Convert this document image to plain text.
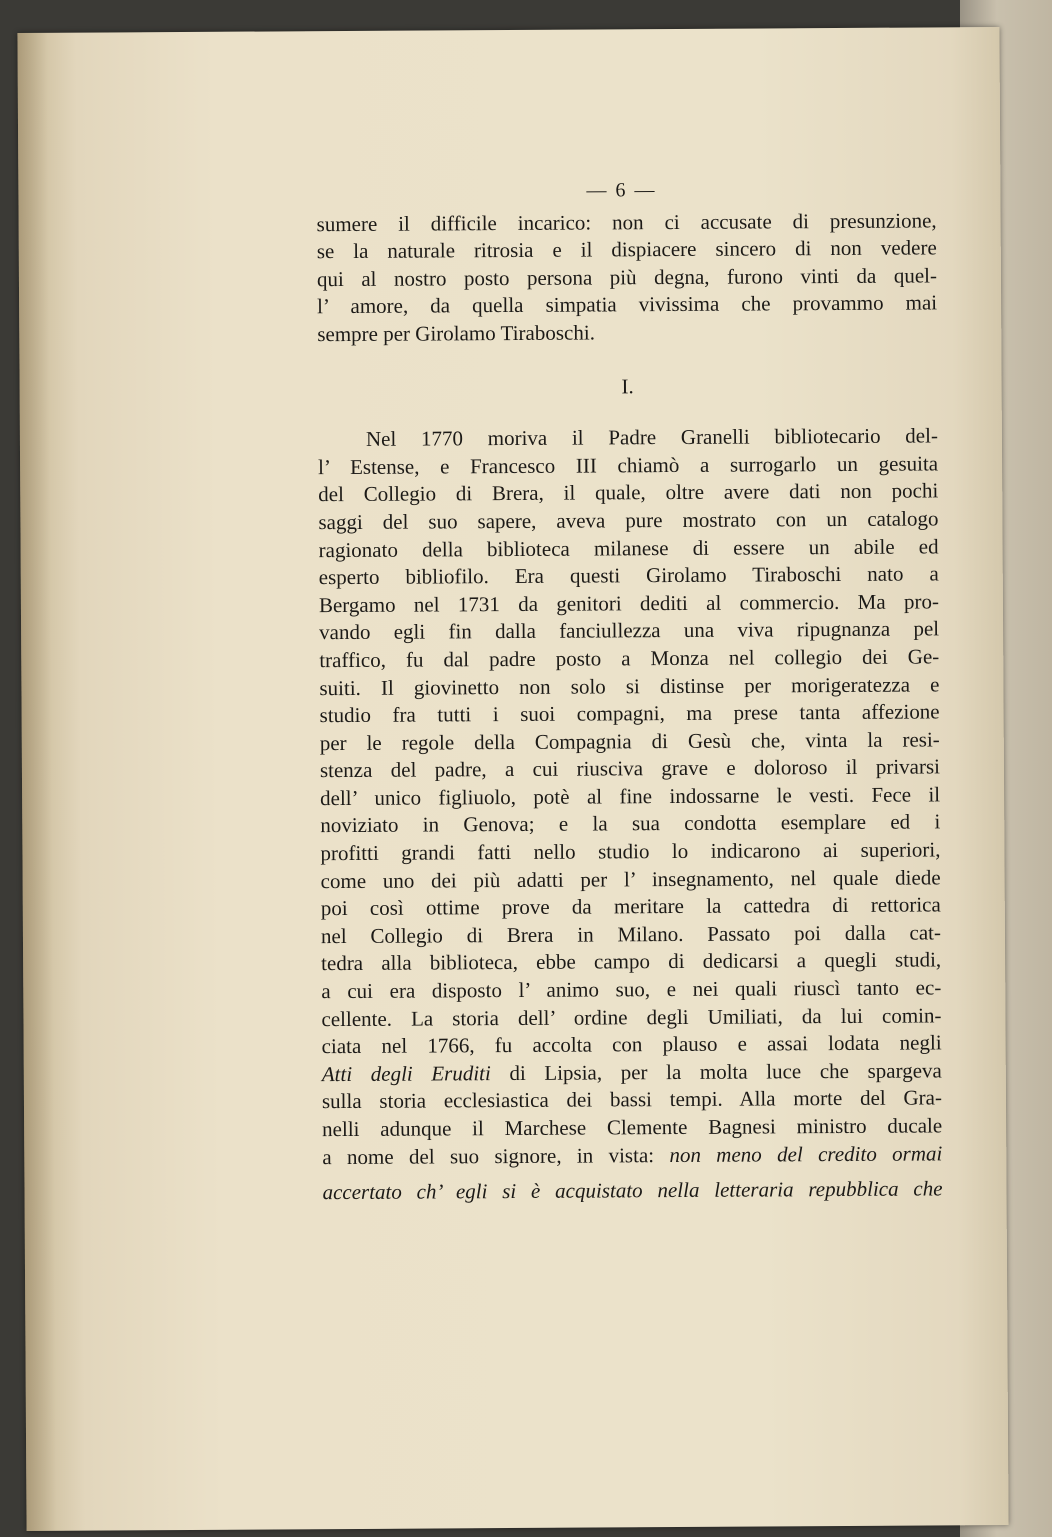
— 6 —
sumere il difficile incarico: non ci accusate di presunzione,
se la naturale ritrosia e il dispiacere sincero di non vedere
qui al nostro posto persona più degna, furono vinti da quel-
l’ amore, da quella simpatia vivissima che provammo mai
sempre per Girolamo Tiraboschi.
I.
Nel 1770 moriva il Padre Granelli bibliotecario del-
l’ Estense, e Francesco III chiamò a surrogarlo un gesuita
del Collegio di Brera, il quale, oltre avere dati non pochi
saggi del suo sapere, aveva pure mostrato con un catalogo
ragionato della biblioteca milanese di essere un abile ed
esperto bibliofilo. Era questi Girolamo Tiraboschi nato a
Bergamo nel 1731 da genitori dediti al commercio. Ma pro-
vando egli fin dalla fanciullezza una viva ripugnanza pel
traffico, fu dal padre posto a Monza nel collegio dei Ge-
suiti. Il giovinetto non solo si distinse per morigeratezza e
studio fra tutti i suoi compagni, ma prese tanta affezione
per le regole della Compagnia di Gesù che, vinta la resi-
stenza del padre, a cui riusciva grave e doloroso il privarsi
dell’ unico figliuolo, potè al fine indossarne le vesti. Fece il
noviziato in Genova; e la sua condotta esemplare ed i
profitti grandi fatti nello studio lo indicarono ai superiori,
come uno dei più adatti per l’ insegnamento, nel quale diede
poi così ottime prove da meritare la cattedra di rettorica
nel Collegio di Brera in Milano. Passato poi dalla cat-
tedra alla biblioteca, ebbe campo di dedicarsi a quegli studi,
a cui era disposto l’ animo suo, e nei quali riuscì tanto ec-
cellente. La storia dell’ ordine degli Umiliati, da lui comin-
ciata nel 1766, fu accolta con plauso e assai lodata negli
Atti degli Eruditi di Lipsia, per la molta luce che spargeva
sulla storia ecclesiastica dei bassi tempi. Alla morte del Gra-
nelli adunque il Marchese Clemente Bagnesi ministro ducale
a nome del suo signore, in vista: non meno del credito ormai
accertato ch’ egli si è acquistato nella letteraria repubblica che
